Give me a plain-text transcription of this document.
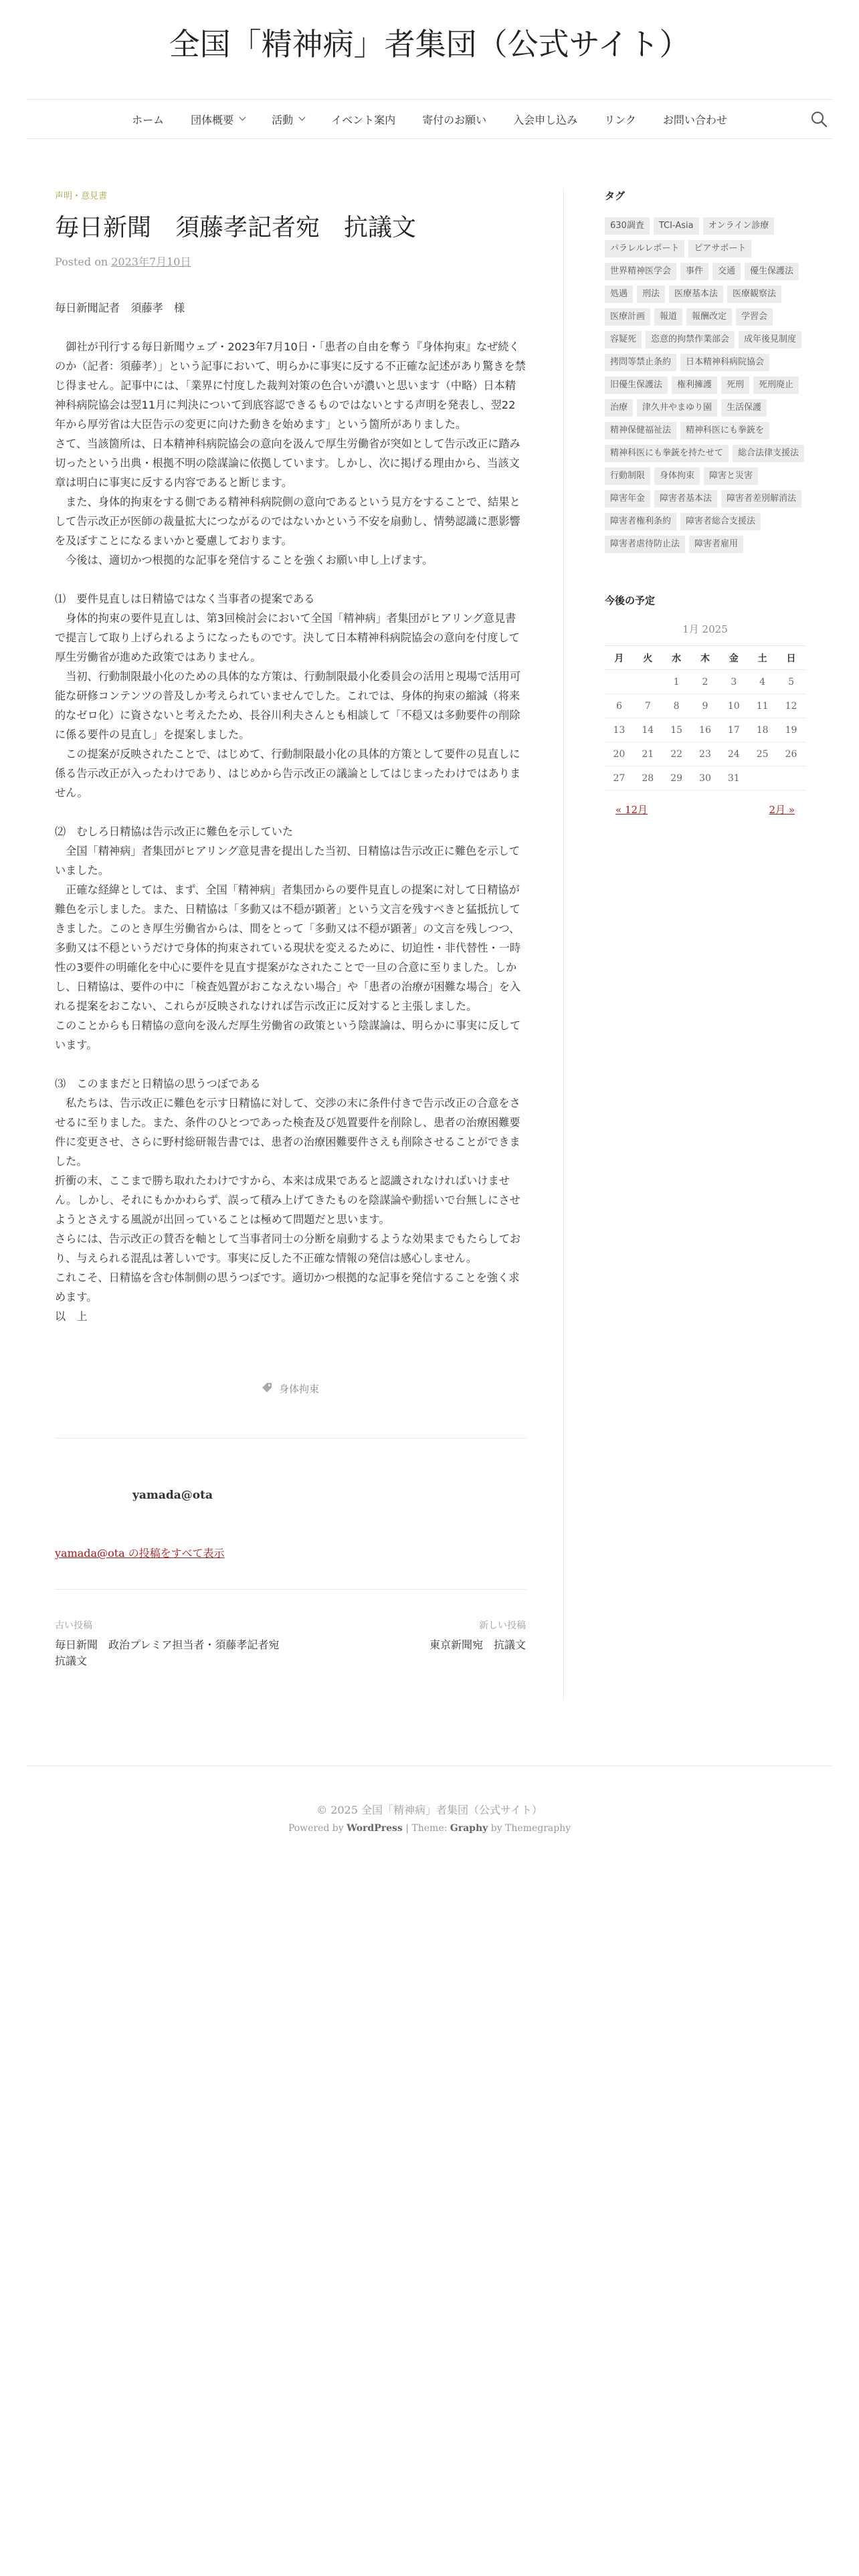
全国「精神病」者集団（公式サイト）
ホーム	団体概要	活動	イベント案内	寄付のお願い	入会申し込み	リンク	お問い合わせ
声明・意見書
毎日新聞　須藤孝記者宛　抗議文
Posted on 2023年7月10日

毎日新聞記者　須藤孝　様

　御社が刊行する毎日新聞ウェブ・2023年7月10日・「患者の自由を奪う『身体拘束』なぜ続くのか（記者：須藤孝）」という記事において、明らかに事実に反する不正確な記述があり驚きを禁じ得ません。記事中には、「業界に忖度した裁判対策の色合いが濃いと思います（中略）日本精神科病院協会は翌11月に判決について到底容認できるものではないとする声明を発表し、翌22年から厚労省は大臣告示の変更に向けた動きを始めます」という箇所がありました。
さて、当該箇所は、日本精神科病院協会の意向を汲んで厚生労働省が突如として告示改正に踏み切ったという出典・根拠不明の陰謀論に依拠しています。しかし、次に掲げる理由から、当該文章は明白に事実に反する内容であると断じます。
　また、身体的拘束をする側である精神科病院側の意向であるという見方をすることで、結果として告示改正が医師の裁量拡大につながるのではないかという不安を扇動し、情勢認識に悪影響を及ぼすことになるまいかと憂慮しております。
　今後は、適切かつ根拠的な記事を発信することを強くお願い申し上げます。

⑴　要件見直しは日精協ではなく当事者の提案である
　身体的拘束の要件見直しは、第3回検討会において全国「精神病」者集団がヒアリング意見書で提言して取り上げられるようになったものです。決して日本精神科病院協会の意向を付度して厚生労働省が進めた政策ではありません。
　当初、行動制限最小化のための具体的な方策は、行動制限最小化委員会の活用と現場で活用可能な研修コンテンツの普及しか考えられていませんでした。これでは、身体的拘束の縮減（将来的なゼロ化）に資さないと考えたため、長谷川利夫さんとも相談して「不穏又は多動要件の削除に係る要件の見直し」を提案しました。
　この提案が反映されたことで、はじめて、行動制限最小化の具体的方策として要件の見直しに係る告示改正が入ったわけであり、はじめから告示改正の議論としてはじまったわけではありません。

⑵　むしろ日精協は告示改正に難色を示していた
　全国「精神病」者集団がヒアリング意見書を提出した当初、日精協は告示改正に難色を示していました。
　正確な経緯としては、まず、全国「精神病」者集団からの要件見直しの提案に対して日精協が難色を示しました。また、日精協は「多動又は不穏が顕著」という文言を残すべきと猛抵抗してきました。このとき厚生労働省からは、間をとって「多動又は不穏が顕著」の文言を残しつつ、多動又は不穏というだけで身体的拘束されている現状を変えるために、切迫性・非代替性・一時性の3要件の明確化を中心に要件を見直す提案がなされたことで一旦の合意に至りました。しかし、日精協は、要件の中に「検査処置がおこなえない場合」や「患者の治療が困難な場合」を入れる提案をおこない、これらが反映されなければ告示改正に反対すると主張しました。
このことからも日精協の意向を汲んだ厚生労働省の政策という陰謀論は、明らかに事実に反しています。

⑶　このままだと日精協の思うつぼである
　私たちは、告示改正に難色を示す日精協に対して、交渉の末に条件付きで告示改正の合意をさせるに至りました。また、条件のひとつであった検査及び処置要件を削除し、患者の治療困難要件に変更させ、さらに野村総研報告書では、患者の治療困難要件さえも削除させることができました。
折衝の末、ここまで勝ち取れたわけですから、本来は成果であると認識されなければいけません。しかし、それにもかかわらず、誤って積み上げてきたものを陰謀論や動揺いで台無しにさせようとさえする風説が出回っていることは極めて問題だと思います。
さらには、告示改正の賛否を軸として当事者同士の分断を扇動するような効果までもたらしており、与えられる混乱は著しいです。事実に反した不正確な情報の発信は感心しません。
これこそ、日精協を含む体制側の思うつぼです。適切かつ根拠的な記事を発信することを強く求めます。
以　上

身体拘束
yamada@ota
yamada@ota の投稿をすべて表示
古い投稿
毎日新聞　政治プレミア担当者・須藤孝記者宛　抗議文
新しい投稿
東京新聞宛　抗議文
タグ
630調査	TCI-Asia	オンライン診療
パラレルレポート	ピアサポート
世界精神医学会	事件	交通	優生保護法
処遇	刑法	医療基本法	医療観察法
医療計画	報道	報酬改定	学習会
容疑死	恣意的拘禁作業部会	成年後見制度
拷問等禁止条約	日本精神科病院協会
旧優生保護法	権利擁護	死刑	死刑廃止
治療	津久井やまゆり園	生活保護
精神保健福祉法	精神科医にも拳銃を
精神科医にも拳銃を持たせて	総合法律支援法
行動制限	身体拘束	障害と災害
障害年金	障害者基本法	障害者差別解消法
障害者権利条約	障害者総合支援法
障害者虐待防止法	障害者雇用
今後の予定
1月 2025
月	火	水	木	金	土	日
		1	2	3	4	5
6	7	8	9	10	11	12
13	14	15	16	17	18	19
20	21	22	23	24	25	26
27	28	29	30	31		
« 12月	2月 »
© 2025 全国「精神病」者集団（公式サイト）
Powered by WordPress | Theme: Graphy by Themegraphy
